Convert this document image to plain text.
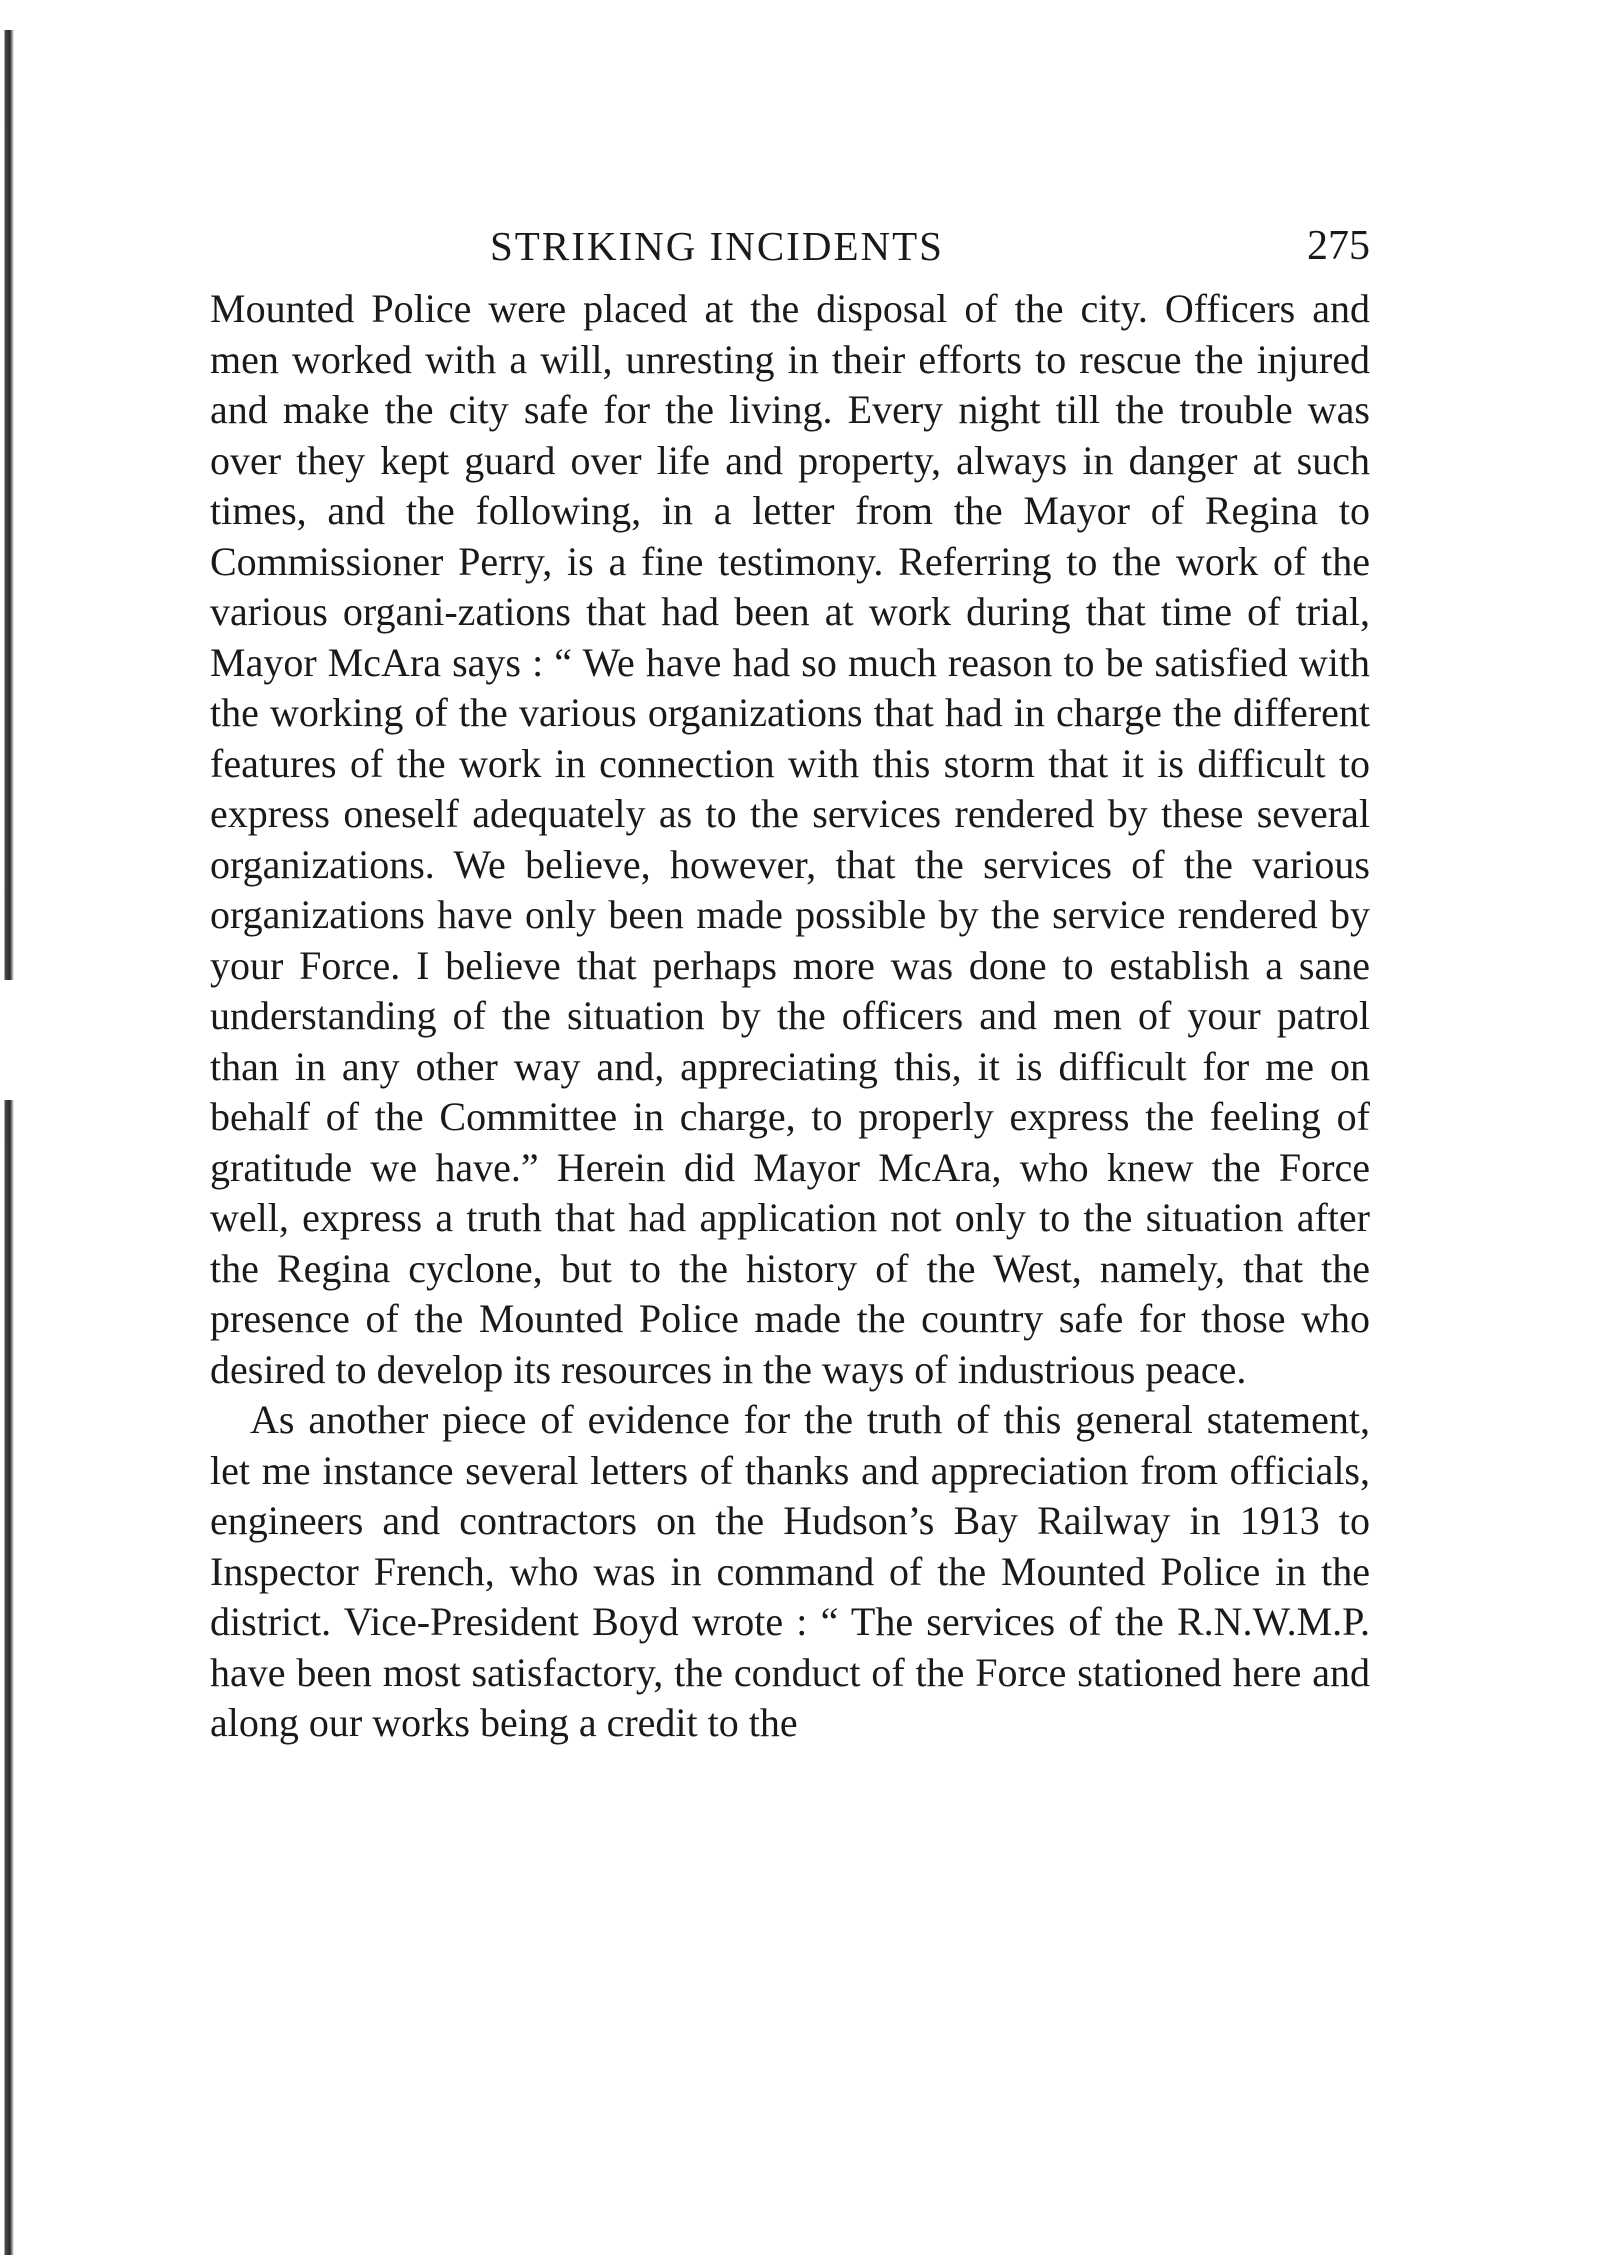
STRIKING INCIDENTS	275

Mounted Police were placed at the disposal of the city. Officers and men worked with a will, unresting in their efforts to rescue the injured and make the city safe for the living. Every night till the trouble was over they kept guard over life and property, always in danger at such times, and the following, in a letter from the Mayor of Regina to Commissioner Perry, is a fine testimony. Referring to the work of the various organi-zations that had been at work during that time of trial, Mayor McAra says : “ We have had so much reason to be satisfied with the working of the various organizations that had in charge the different features of the work in connection with this storm that it is difficult to express oneself adequately as to the services rendered by these several organizations. We believe, however, that the services of the various organizations have only been made possible by the service rendered by your Force. I believe that perhaps more was done to establish a sane understanding of the situation by the officers and men of your patrol than in any other way and, appreciating this, it is difficult for me on behalf of the Committee in charge, to properly express the feeling of gratitude we have.” Herein did Mayor McAra, who knew the Force well, express a truth that had application not only to the situation after the Regina cyclone, but to the history of the West, namely, that the presence of the Mounted Police made the country safe for those who desired to develop its resources in the ways of industrious peace.

As another piece of evidence for the truth of this general statement, let me instance several letters of thanks and appreciation from officials, engineers and contractors on the Hudson’s Bay Railway in 1913 to Inspector French, who was in command of the Mounted Police in the district. Vice-President Boyd wrote : “ The services of the R.N.W.M.P. have been most satisfactory, the conduct of the Force stationed here and along our works being a credit to the
